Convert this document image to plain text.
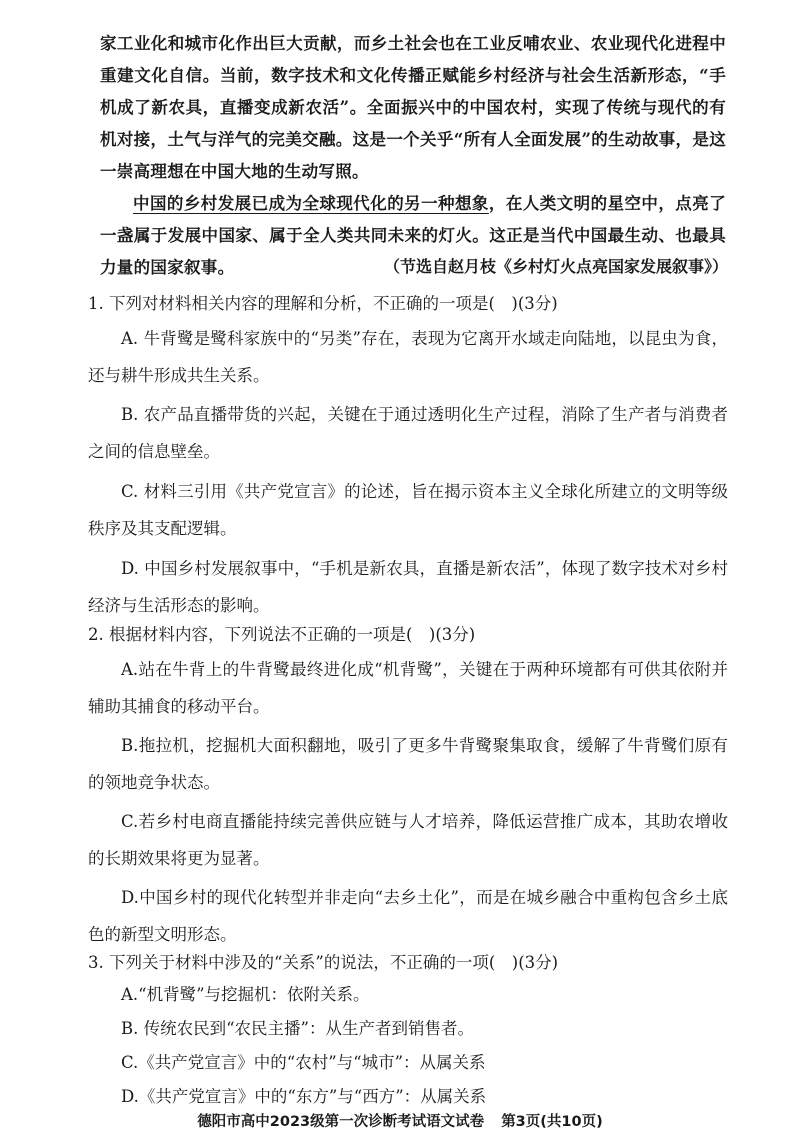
家工业化和城市化作出巨大贡献，而乡土社会也在工业反哺农业、农业现代化进程中重建文化自信。当前，数字技术和文化传播正赋能乡村经济与社会生活新形态，“手机成了新农具，直播变成新农活”。全面振兴中的中国农村，实现了传统与现代的有机对接，土气与洋气的完美交融。这是一个关乎“所有人全面发展”的生动故事，是这一崇高理想在中国大地的生动写照。

中国的乡村发展已成为全球现代化的另一种想象，在人类文明的星空中，点亮了一盏属于发展中国家、属于全人类共同未来的灯火。这正是当代中国最生动、也最具力量的国家叙事。	（节选自赵月枝《乡村灯火点亮国家发展叙事》）

1. 下列对材料相关内容的理解和分析，不正确的一项是(　)(3分)

A. 牛背鹭是鹭科家族中的“另类”存在，表现为它离开水域走向陆地，以昆虫为食，还与耕牛形成共生关系。

B. 农产品直播带货的兴起，关键在于通过透明化生产过程，消除了生产者与消费者之间的信息壁垒。

C. 材料三引用《共产党宣言》的论述，旨在揭示资本主义全球化所建立的文明等级秩序及其支配逻辑。

D. 中国乡村发展叙事中，“手机是新农具，直播是新农活”，体现了数字技术对乡村经济与生活形态的影响。

2. 根据材料内容，下列说法不正确的一项是(　)(3分)

A.站在牛背上的牛背鹭最终进化成“机背鹭”，关键在于两种环境都有可供其依附并辅助其捕食的移动平台。

B.拖拉机，挖掘机大面积翻地，吸引了更多牛背鹭聚集取食，缓解了牛背鹭们原有的领地竞争状态。

C.若乡村电商直播能持续完善供应链与人才培养，降低运营推广成本，其助农增收的长期效果将更为显著。

D.中国乡村的现代化转型并非走向“去乡土化”，而是在城乡融合中重构包含乡土底色的新型文明形态。

3. 下列关于材料中涉及的“关系”的说法，不正确的一项(　)(3分)

A.“机背鹭”与挖掘机：依附关系。

B. 传统农民到“农民主播”：从生产者到销售者。

C.《共产党宣言》中的“农村”与“城市”：从属关系

D.《共产党宣言》中的“东方”与“西方”：从属关系

德阳市高中2023级第一次诊断考试语文试卷 第3页(共10页)
